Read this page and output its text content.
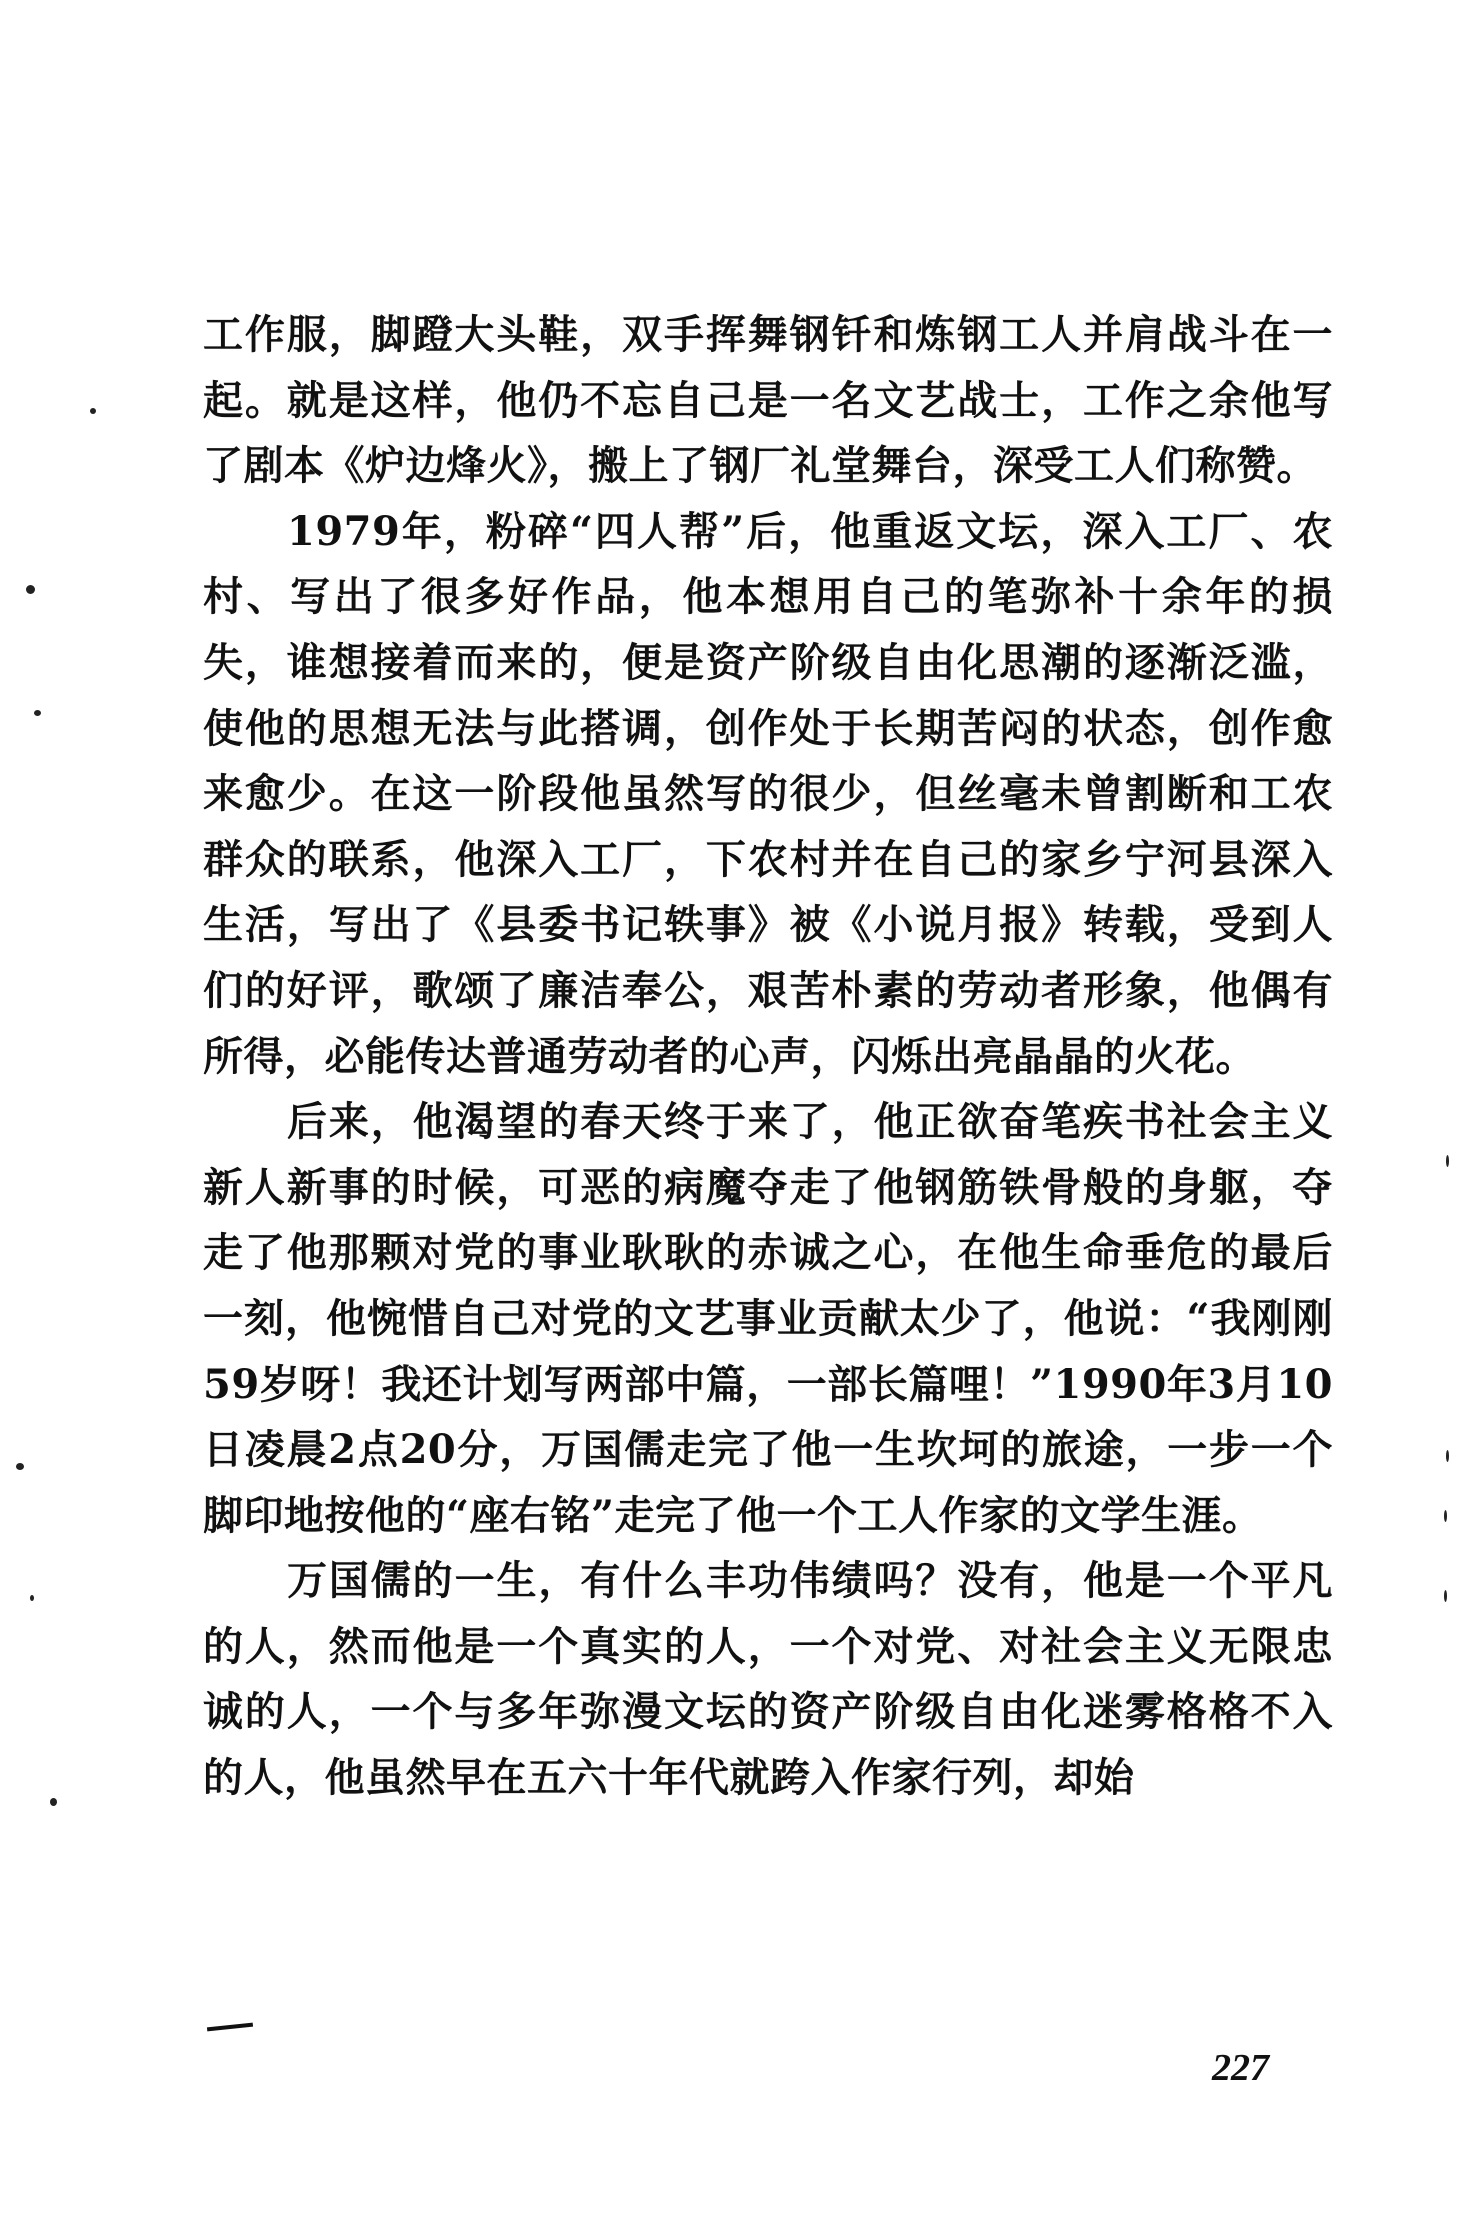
工作服，脚蹬大头鞋，双手挥舞钢钎和炼钢工人并肩战斗在一起。就是这样，他仍不忘自己是一名文艺战士，工作之余他写了剧本《炉边烽火》，搬上了钢厂礼堂舞台，深受工人们称赞。

1979年，粉碎“四人帮”后，他重返文坛，深入工厂、农村、写出了很多好作品，他本想用自己的笔弥补十余年的损失，谁想接着而来的，便是资产阶级自由化思潮的逐渐泛滥，使他的思想无法与此搭调，创作处于长期苦闷的状态，创作愈来愈少。在这一阶段他虽然写的很少，但丝毫未曾割断和工农群众的联系，他深入工厂，下农村并在自己的家乡宁河县深入生活，写出了《县委书记轶事》被《小说月报》转载，受到人们的好评，歌颂了廉洁奉公，艰苦朴素的劳动者形象，他偶有所得，必能传达普通劳动者的心声，闪烁出亮晶晶的火花。

后来，他渴望的春天终于来了，他正欲奋笔疾书社会主义新人新事的时候，可恶的病魔夺走了他钢筋铁骨般的身躯，夺走了他那颗对党的事业耿耿的赤诚之心，在他生命垂危的最后一刻，他惋惜自己对党的文艺事业贡献太少了，他说：“我刚刚59岁呀！我还计划写两部中篇，一部长篇哩！”1990年3月10日凌晨2点20分，万国儒走完了他一生坎坷的旅途，一步一个脚印地按他的“座右铭”走完了他一个工人作家的文学生涯。

万国儒的一生，有什么丰功伟绩吗？没有，他是一个平凡的人，然而他是一个真实的人，一个对党、对社会主义无限忠诚的人，一个与多年弥漫文坛的资产阶级自由化迷雾格格不入的人，他虽然早在五六十年代就跨入作家行列，却始

227
